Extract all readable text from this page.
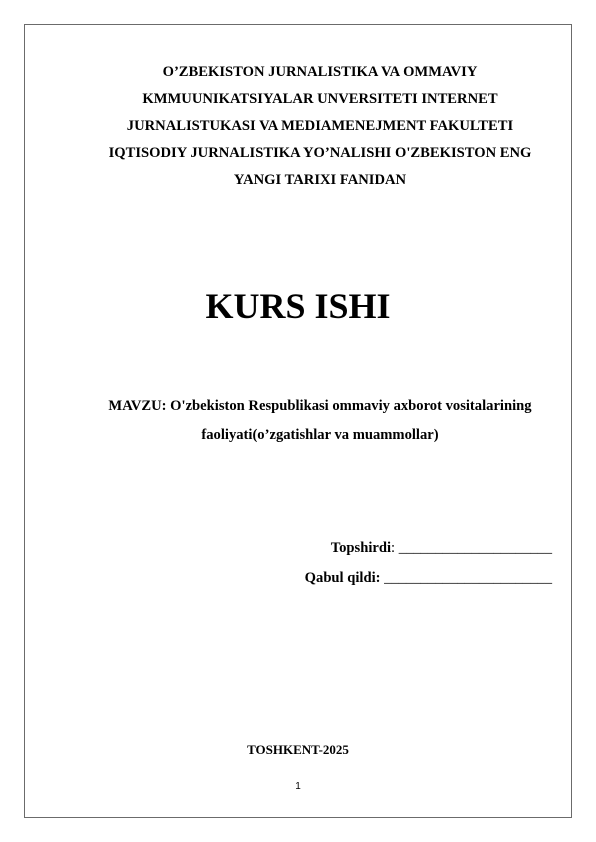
O’ZBEKISTON JURNALISTIKA VA OMMAVIY
KMMUUNIKATSIYALAR UNVERSITETI INTERNET
JURNALISTUKASI VA MEDIAMENEJMENT FAKULTETI
IQTISODIY JURNALISTIKA YO’NALISHI O'ZBEKISTON ENG
YANGI TARIXI FANIDAN
KURS ISHI
MAVZU: O'zbekiston Respublikasi ommaviy axborot vositalarining
faoliyati(o’zgatishlar va muammollar)
Topshirdi: _____________________
Qabul qildi: _______________________
TOSHKENT-2025
1
